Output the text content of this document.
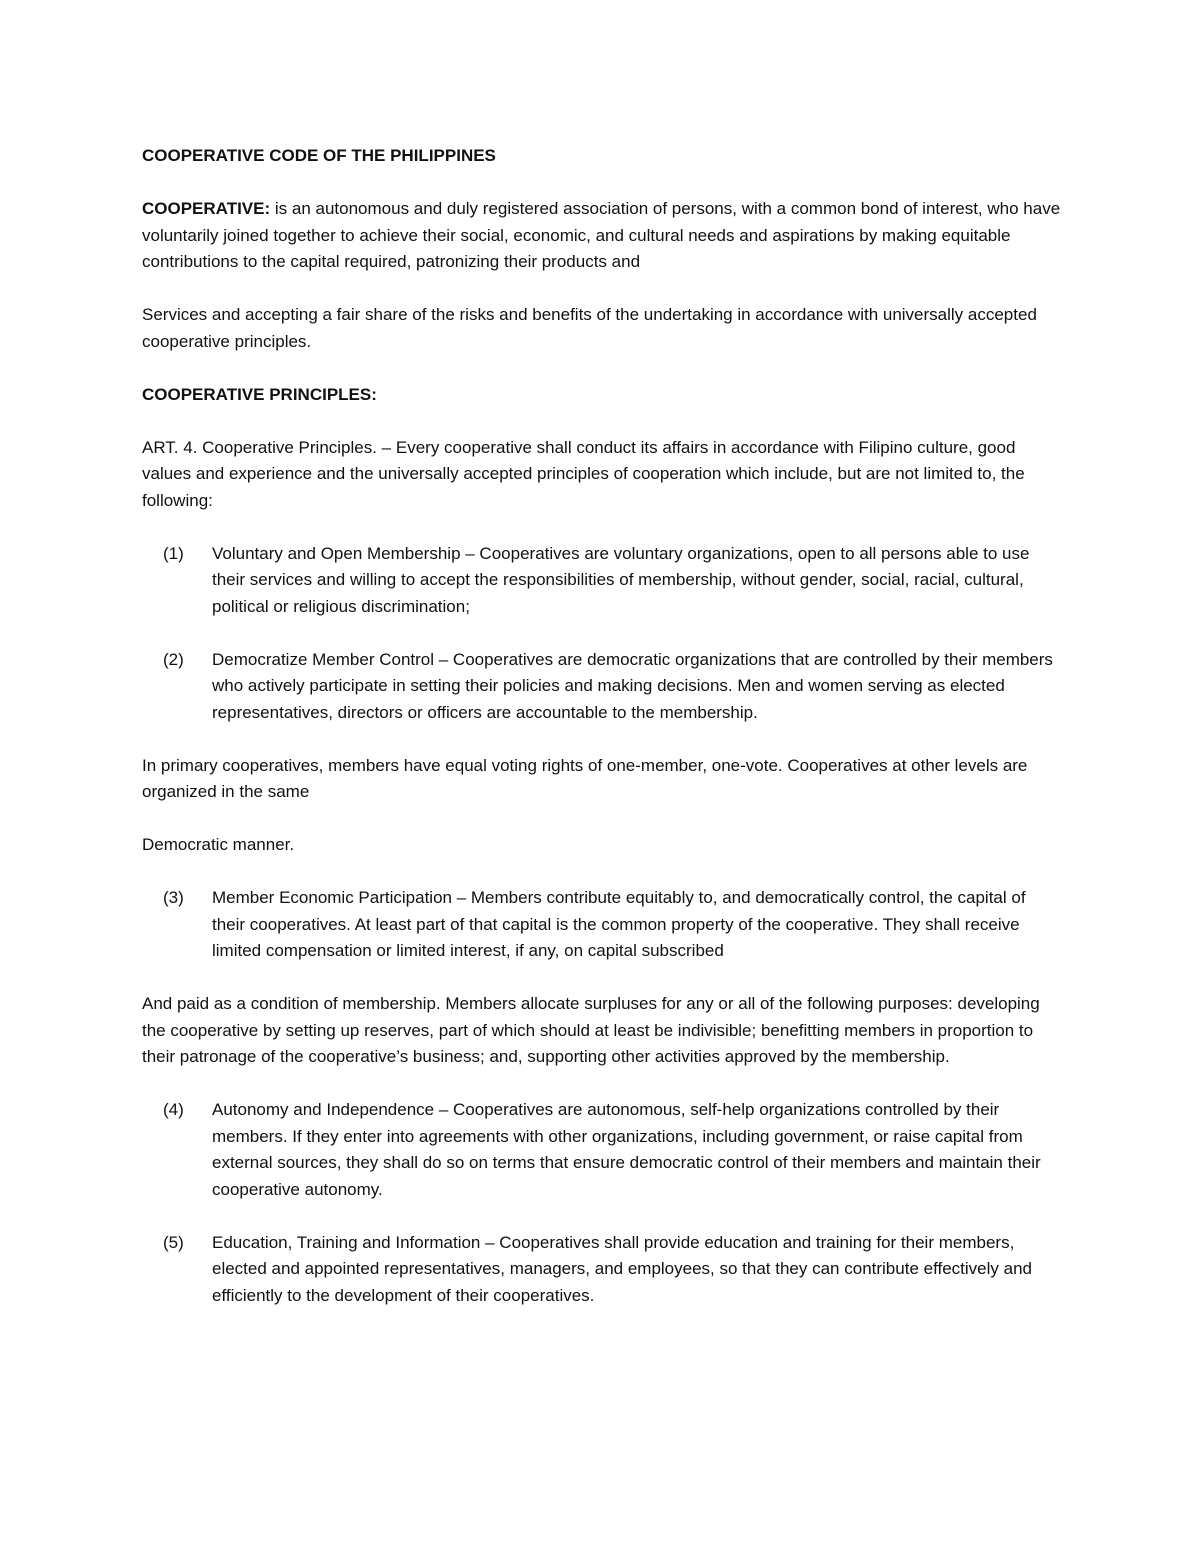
COOPERATIVE CODE OF THE PHILIPPINES

COOPERATIVE: is an autonomous and duly registered association of persons, with a common bond of interest, who have voluntarily joined together to achieve their social, economic, and cultural needs and aspirations by making equitable contributions to the capital required, patronizing their products and

Services and accepting a fair share of the risks and benefits of the undertaking in accordance with universally accepted cooperative principles.

COOPERATIVE PRINCIPLES:

ART. 4. Cooperative Principles. – Every cooperative shall conduct its affairs in accordance with Filipino culture, good values and experience and the universally accepted principles of cooperation which include, but are not limited to, the following:

(1)	Voluntary and Open Membership – Cooperatives are voluntary organizations, open to all persons able to use their services and willing to accept the responsibilities of membership, without gender, social, racial, cultural, political or religious discrimination;
(2)	Democratize Member Control – Cooperatives are democratic organizations that are controlled by their members who actively participate in setting their policies and making decisions. Men and women serving as elected representatives, directors or officers are accountable to the membership.

In primary cooperatives, members have equal voting rights of one-member, one-vote. Cooperatives at other levels are organized in the same

Democratic manner.

(3)	Member Economic Participation – Members contribute equitably to, and democratically control, the capital of their cooperatives. At least part of that capital is the common property of the cooperative. They shall receive limited compensation or limited interest, if any, on capital subscribed

And paid as a condition of membership. Members allocate surpluses for any or all of the following purposes: developing the cooperative by setting up reserves, part of which should at least be indivisible; benefitting members in proportion to their patronage of the cooperative’s business; and, supporting other activities approved by the membership.

(4)	Autonomy and Independence – Cooperatives are autonomous, self-help organizations controlled by their members. If they enter into agreements with other organizations, including government, or raise capital from external sources, they shall do so on terms that ensure democratic control of their members and maintain their cooperative autonomy.
(5)	Education, Training and Information – Cooperatives shall provide education and training for their members, elected and appointed representatives, managers, and employees, so that they can contribute effectively and efficiently to the development of their cooperatives.
